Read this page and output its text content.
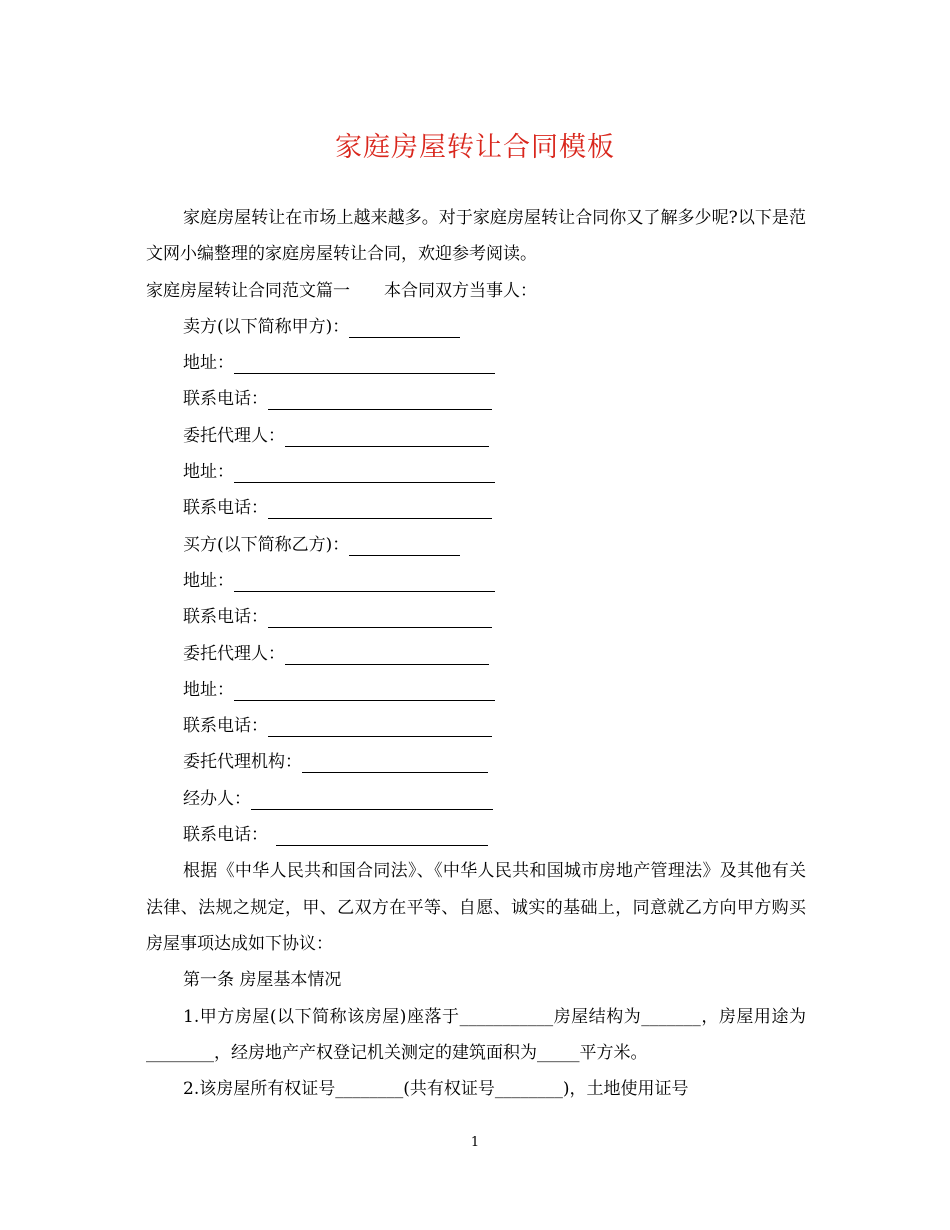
家庭房屋转让合同模板

家庭房屋转让在市场上越来越多。对于家庭房屋转让合同你又了解多少呢?以下是范文网小编整理的家庭房屋转让合同，欢迎参考阅读。

家庭房屋转让合同范文篇一　　本合同双方当事人：

卖方(以下简称甲方)：
地址：
联系电话：
委托代理人：
地址：
联系电话：
买方(以下简称乙方)：
地址：
联系电话：
委托代理人：
地址：
联系电话：
委托代理机构：
经办人：
联系电话：

根据《中华人民共和国合同法》、《中华人民共和国城市房地产管理法》及其他有关法律、法规之规定，甲、乙双方在平等、自愿、诚实的基础上，同意就乙方向甲方购买房屋事项达成如下协议：

第一条 房屋基本情况

1.甲方房屋(以下简称该房屋)座落于___________房屋结构为_______，房屋用途为________，经房地产产权登记机关测定的建筑面积为_____平方米。

2.该房屋所有权证号________(共有权证号________)，土地使用证号

1
